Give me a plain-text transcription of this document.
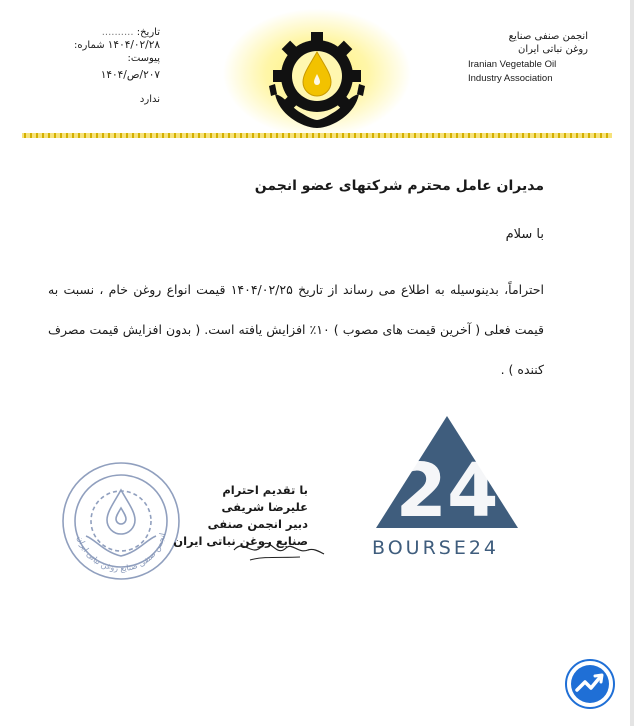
تاریخ: ..........
۱۴۰۴/۰۲/۲۸ شماره:
پیوست:
۲۰۷/ص/۱۴۰۴
ندارد
انجمن صنفی صنایع
روغن نباتی ایران
Iranian Vegetable Oil
Industry Association
مدیران عامل محترم شرکتهای عضو انجمن
با سلام
احتراماً، بدینوسیله به اطلاع می رساند از تاریخ ۱۴۰۴/۰۲/۲۵ قیمت انواع روغن خام ، نسبت به قیمت فعلی ( آخرین قیمت های مصوب ) ۱۰٪ افزایش یافته است. ( بدون افزایش قیمت مصرف کننده ) .
انجمن صنفی صنایع روغن نباتی ایران
با تقدیم احترام
علیرضا شریفی
دبیر انجمن صنفی
صنایع روغن نباتی ایران
24
BOURSE24
